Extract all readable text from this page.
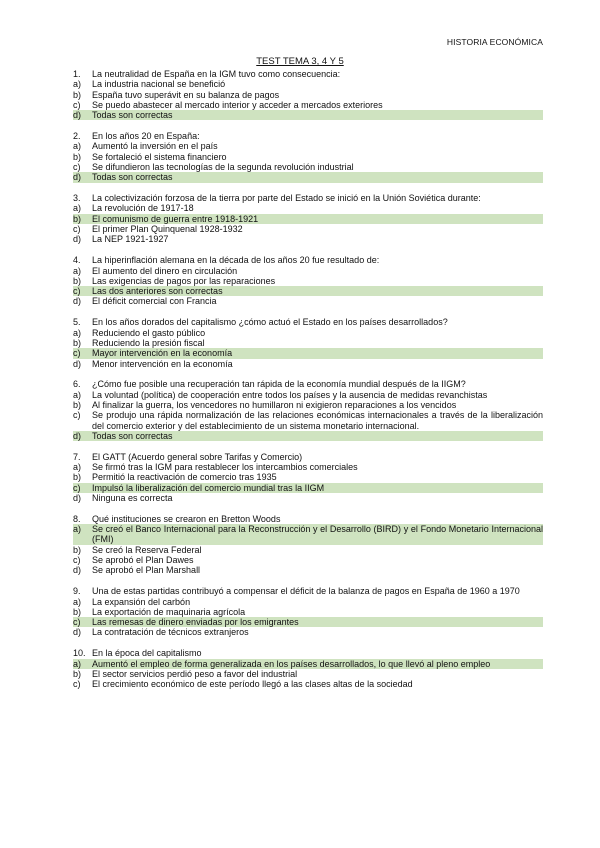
HISTORIA ECONÓMICA
TEST TEMA 3, 4 Y 5
1.	La neutralidad de España en la IGM tuvo como consecuencia:
a)	La industria nacional se benefició
b)	España tuvo superávit en su balanza de pagos
c)	Se puedo abastecer al mercado interior y acceder a mercados exteriores
d)	Todas son correctas
2.	En los años 20 en España:
a)	Aumentó la inversión en el país
b)	Se fortaleció el sistema financiero
c)	Se difundieron las tecnologías de la segunda revolución industrial
d)	Todas son correctas
3.	La colectivización forzosa de la tierra por parte del Estado se inició en la Unión Soviética durante:
a)	La revolución de 1917-18
b)	El comunismo de guerra entre 1918-1921
c)	El primer Plan Quinquenal 1928-1932
d)	La NEP 1921-1927
4.	La hiperinflación alemana en la década de los años 20 fue resultado de:
a)	El aumento del dinero en circulación
b)	Las exigencias de pagos por las reparaciones
c)	Las dos anteriores son correctas
d)	El déficit comercial con Francia
5.	En los años dorados del capitalismo ¿cómo actuó el Estado en los países desarrollados?
a)	Reduciendo el gasto público
b)	Reduciendo la presión fiscal
c)	Mayor intervención en la economía
d)	Menor intervención en la economía
6.	¿Cómo fue posible una recuperación tan rápida de la economía mundial después de la IIGM?
a)	La voluntad (política) de cooperación entre todos los países y la ausencia de medidas revanchistas
b)	Al finalizar la guerra, los vencedores no humillaron ni exigieron reparaciones a los vencidos
c)	Se produjo una rápida normalización de las relaciones económicas internacionales a través de la liberalización del comercio exterior y del establecimiento de un sistema monetario internacional.
d)	Todas son correctas
7.	El GATT (Acuerdo general sobre Tarifas y Comercio)
a)	Se firmó tras la IGM para restablecer los intercambios comerciales
b)	Permitió la reactivación de comercio tras 1935
c)	Impulsó la liberalización del comercio mundial tras la IIGM
d)	Ninguna es correcta
8.	Qué instituciones se crearon en Bretton Woods
a)	Se creó el Banco Internacional para la Reconstrucción y el Desarrollo (BIRD) y el Fondo Monetario Internacional (FMI)
b)	Se creó la Reserva Federal
c)	Se aprobó el Plan Dawes
d)	Se aprobó el Plan Marshall
9.	Una de estas partidas contribuyó a compensar el déficit de la balanza de pagos en España de 1960 a 1970
a)	La expansión del carbón
b)	La exportación de maquinaria agrícola
c)	Las remesas de dinero enviadas por los emigrantes
d)	La contratación de técnicos extranjeros
10. En la época del capitalismo
a)	Aumentó el empleo de forma generalizada en los países desarrollados, lo que llevó al pleno empleo
b)	El sector servicios perdió peso a favor del industrial
c)	El crecimiento económico de este período llegó a las clases altas de la sociedad
